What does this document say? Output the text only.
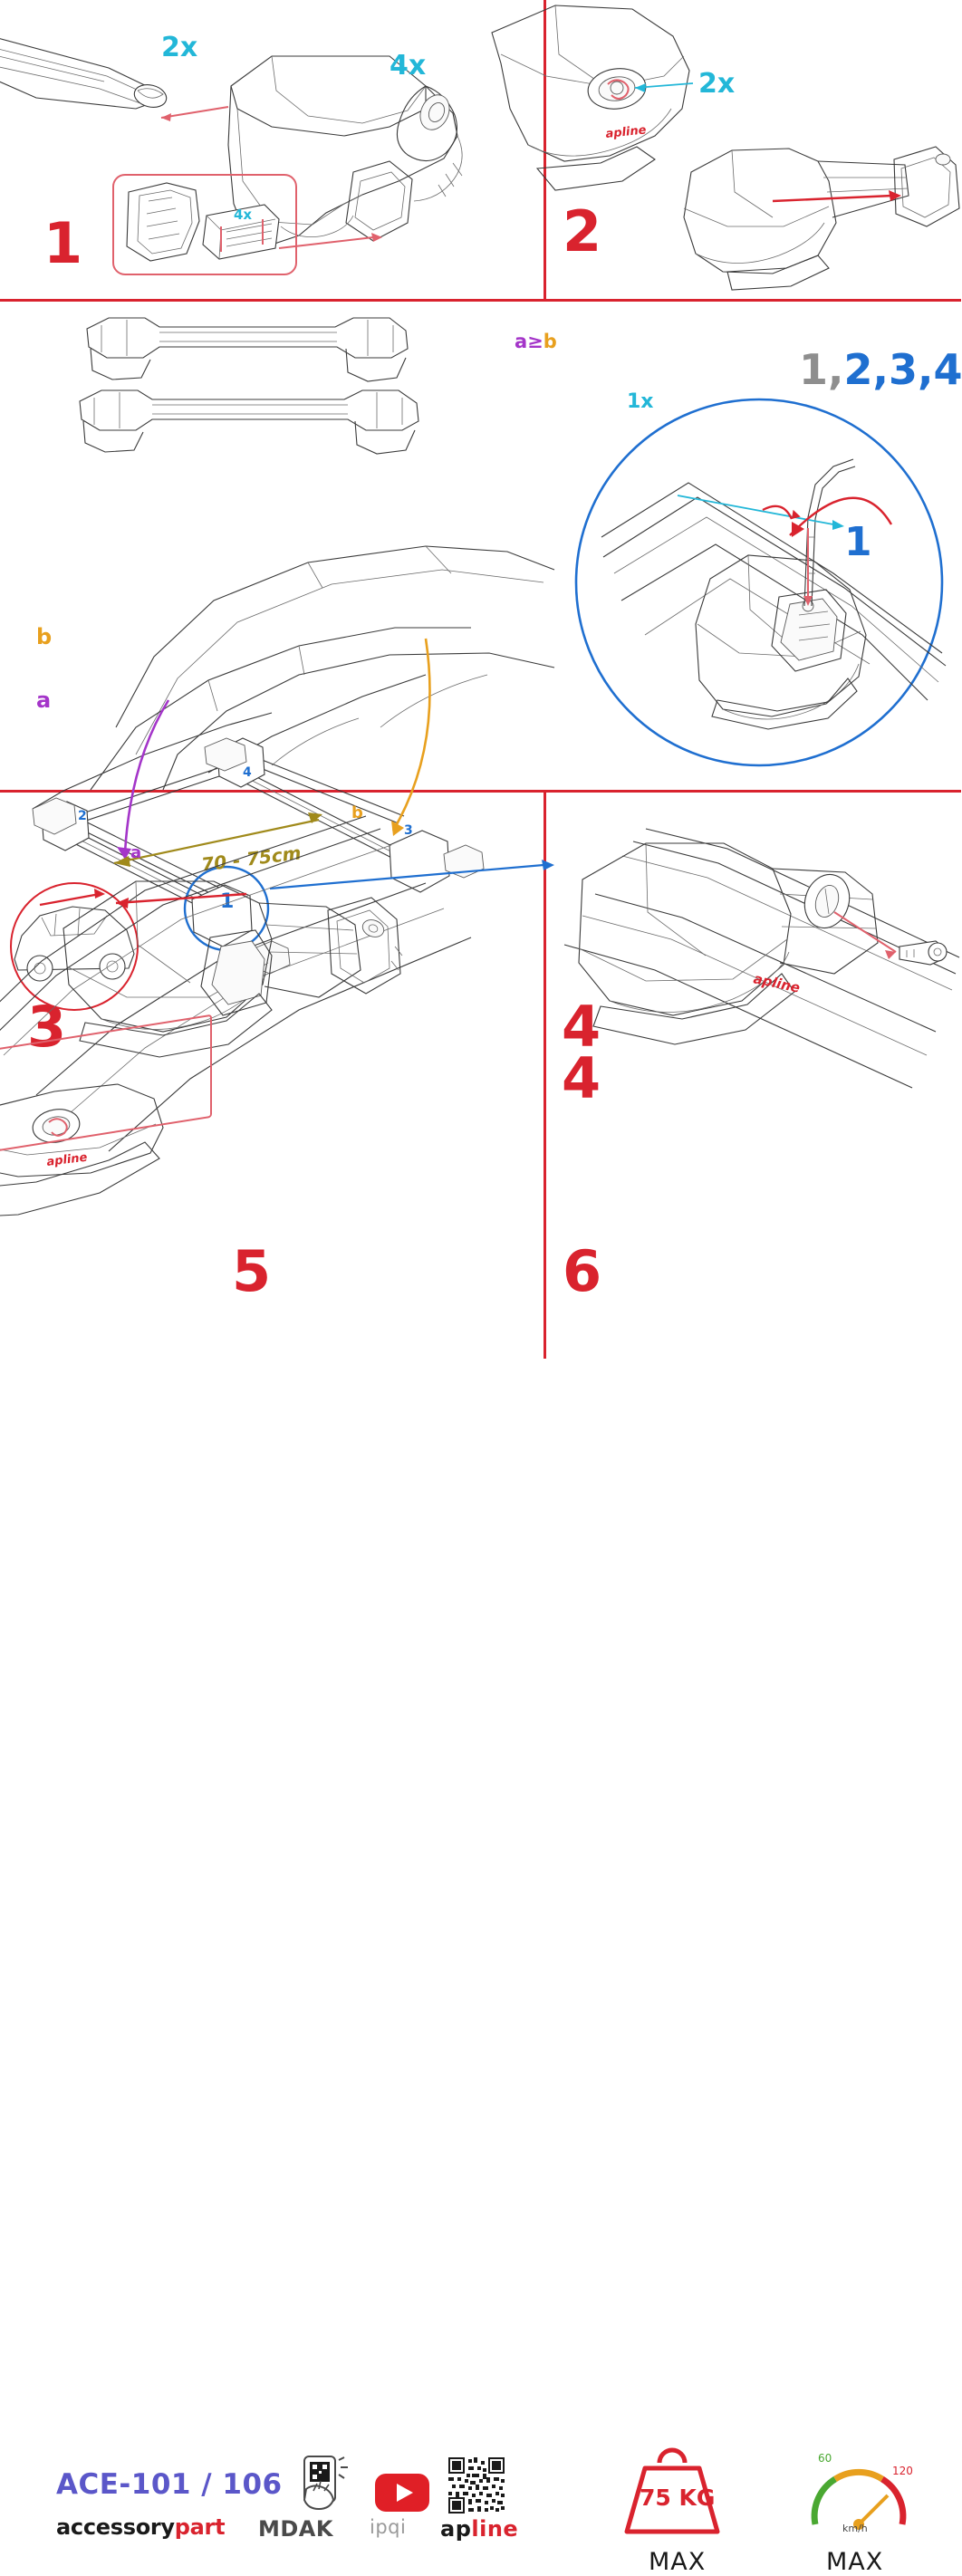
4x
2x
4x
1
apline
2x
2
b
a
a
b
70 - 75cm
1
2
3
4
3
a≥b
1x
1,2,3,4
1
4
4
apline
5
apline
6
ACE-101 / 106
accessorypart MDAK ipqi apline
75 KG
MAX
60
120
km/h
MAX
